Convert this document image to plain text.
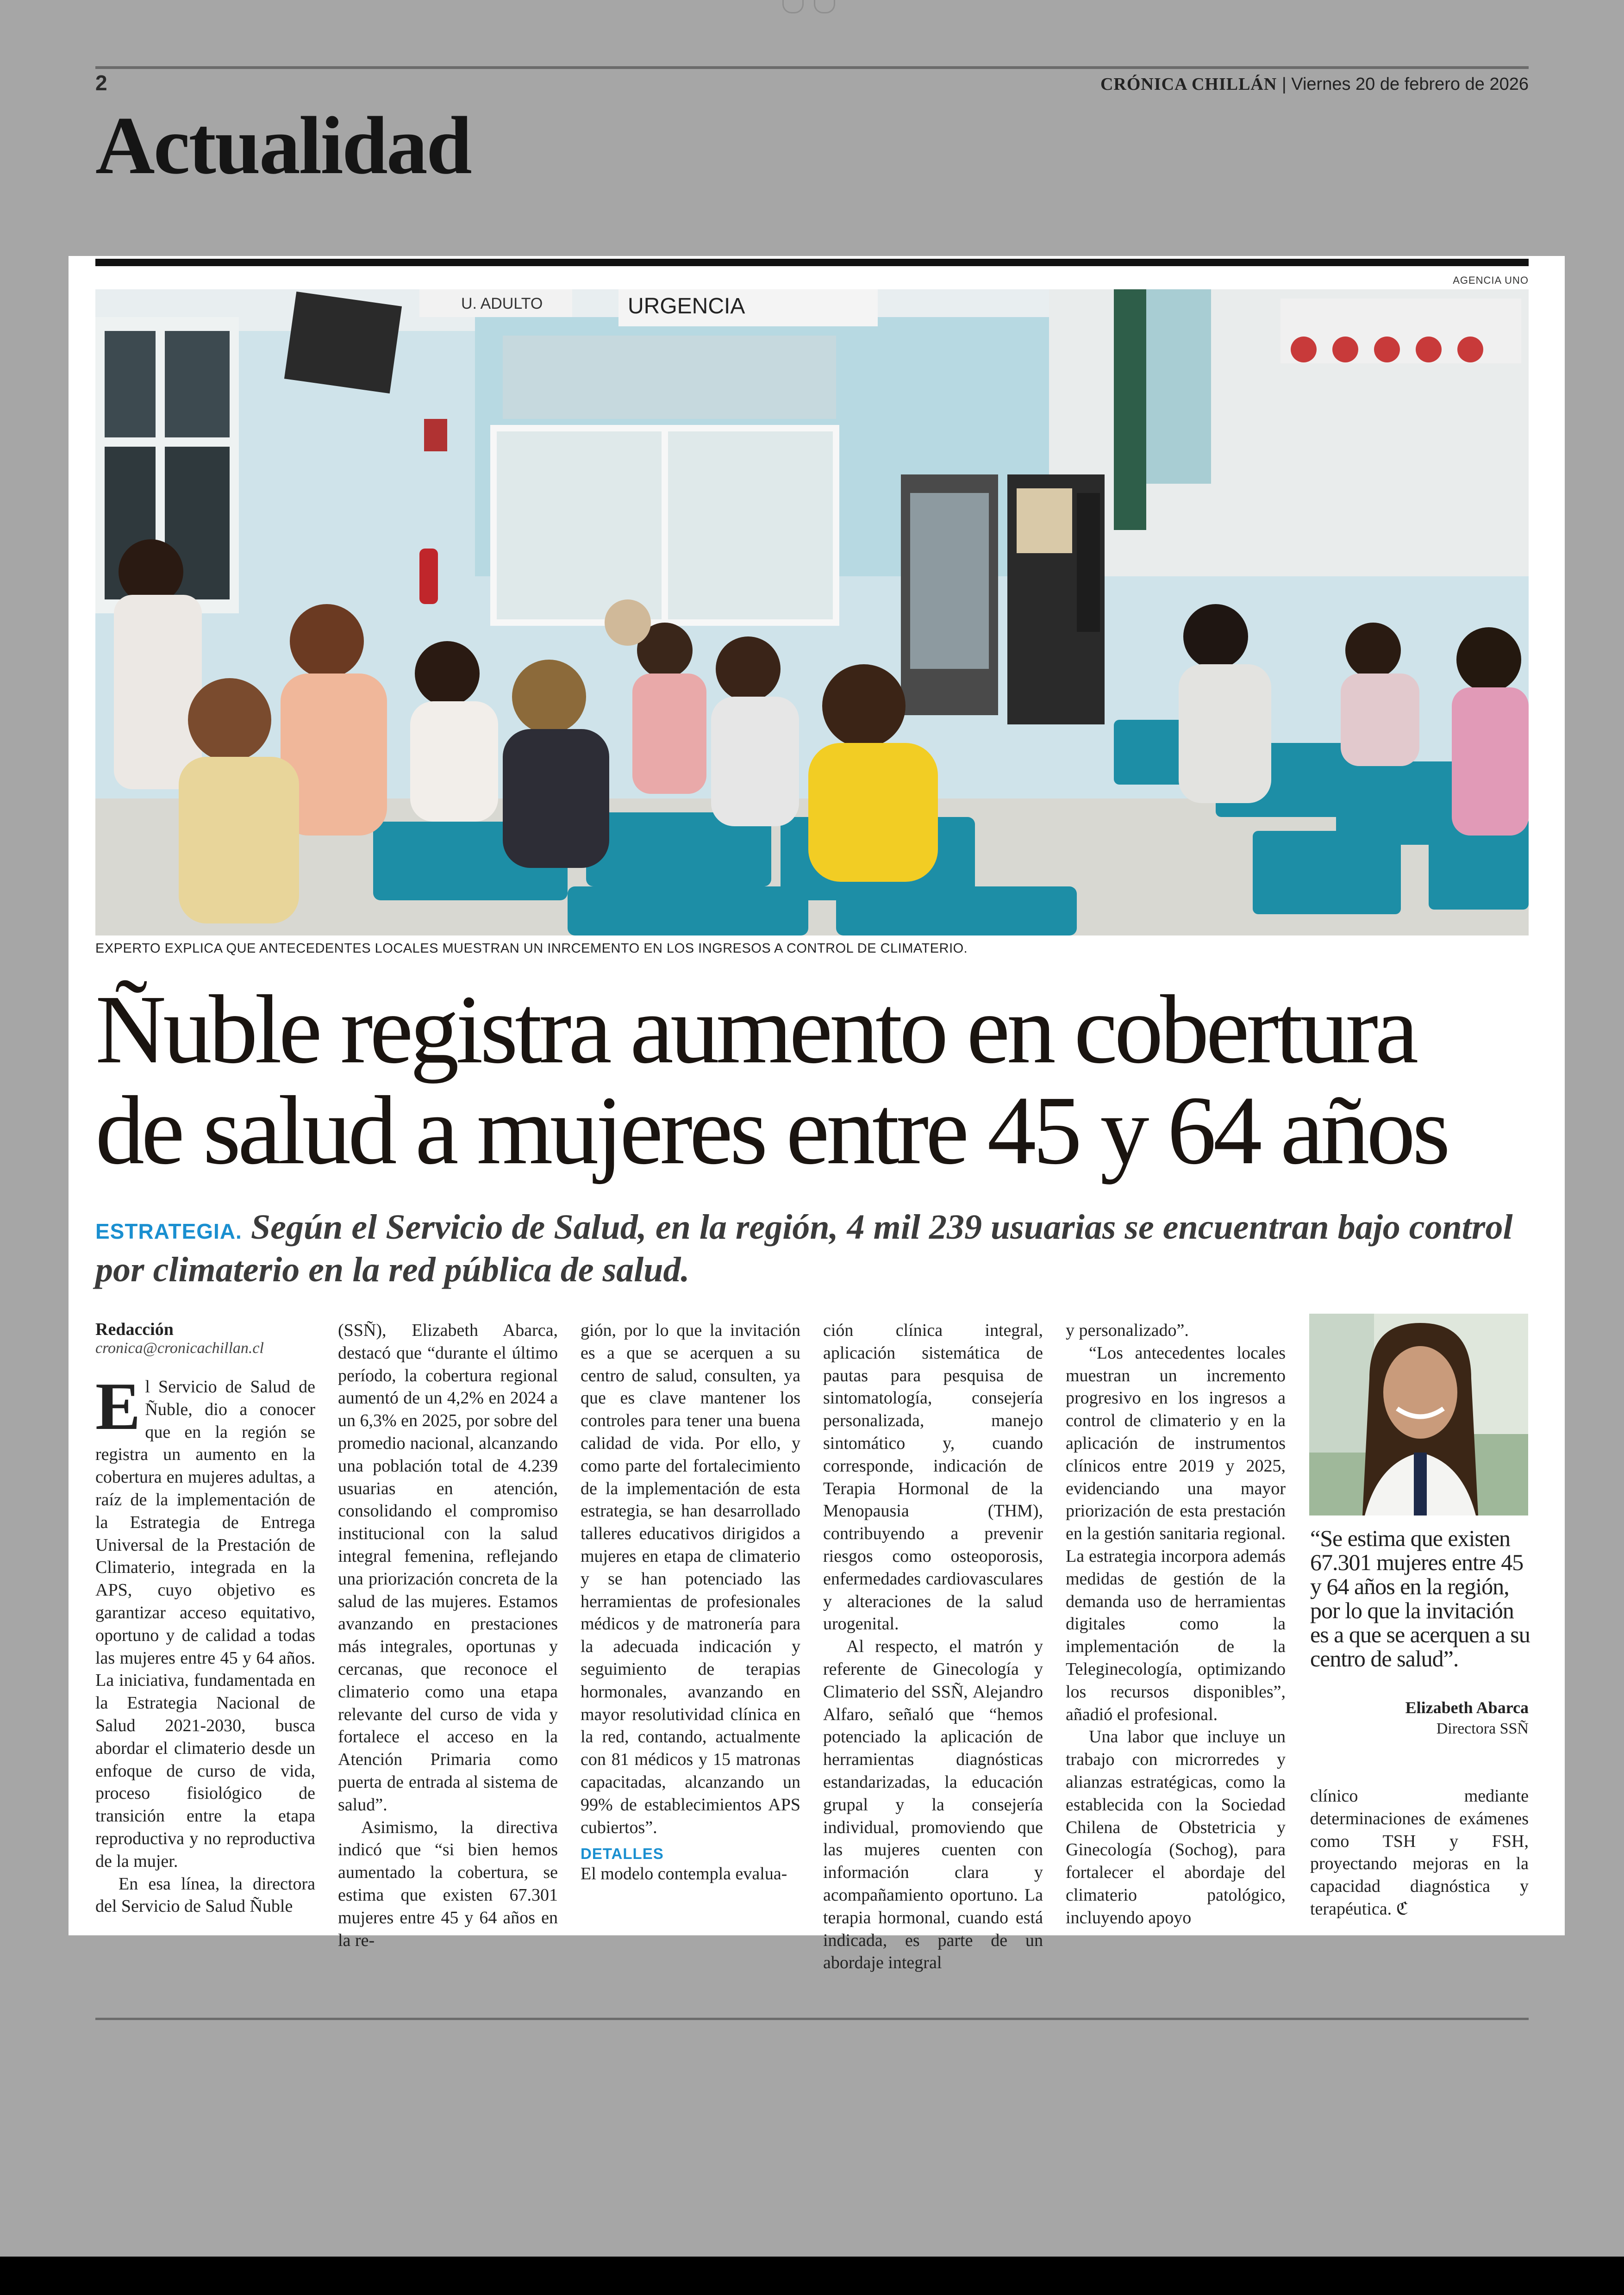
2	CRÓNICA CHILLÁN | Viernes 20 de febrero de 2026
Actualidad
AGENCIA UNO
U. ADULTO	URGENCIA
EXPERTO EXPLICA QUE ANTECEDENTES LOCALES MUESTRAN UN INRCEMENTO EN LOS INGRESOS A CONTROL DE CLIMATERIO.
Ñuble registra aumento en cobertura
de salud a mujeres entre 45 y 64 años
ESTRATEGIA. Según el Servicio de Salud, en la región, 4 mil 239 usuarias se encuentran bajo control por climaterio en la red pública de salud.
Redacción
cronica@cronicachillan.cl

El Servicio de Salud de Ñuble, dio a conocer que en la región se registra un aumento en la cobertura en mujeres adultas, a raíz de la implementación de la Estrategia de Entrega Universal de la Prestación de Climaterio, integrada en la APS, cuyo objetivo es garantizar acceso equitativo, oportuno y de calidad a todas las mujeres entre 45 y 64 años. La iniciativa, fundamentada en la Estrategia Nacional de Salud 2021-2030, busca abordar el climaterio desde un enfoque de curso de vida, proceso fisiológico de transición entre la etapa reproductiva y no reproductiva de la mujer.

En esa línea, la directora del Servicio de Salud Ñuble

(SSÑ), Elizabeth Abarca, destacó que “durante el último período, la cobertura regional aumentó de un 4,2% en 2024 a un 6,3% en 2025, por sobre del promedio nacional, alcanzando una población total de 4.239 usuarias en atención, consolidando el compromiso institucional con la salud integral femenina, reflejando una priorización concreta de la salud de las mujeres. Estamos avanzando en prestaciones más integrales, oportunas y cercanas, que reconoce el climaterio como una etapa relevante del curso de vida y fortalece el acceso en la Atención Primaria como puerta de entrada al sistema de salud”.

Asimismo, la directiva indicó que “si bien hemos aumentado la cobertura, se estima que existen 67.301 mujeres entre 45 y 64 años en la re-

gión, por lo que la invitación es a que se acerquen a su centro de salud, consulten, ya que es clave mantener los controles para tener una buena calidad de vida. Por ello, y como parte del fortalecimiento de la implementación de esta estrategia, se han desarrollado talleres educativos dirigidos a mujeres en etapa de climaterio y se han potenciado las herramientas de profesionales médicos y de matronería para la adecuada indicación y seguimiento de terapias hormonales, avanzando en mayor resolutividad clínica en la red, contando, actualmente con 81 médicos y 15 matronas capacitadas, alcanzando un 99% de establecimientos APS cubiertos”.

DETALLES

El modelo contempla evalua-

ción clínica integral, aplicación sistemática de pautas para pesquisa de sintomatología, consejería personalizada, manejo sintomático y, cuando corresponde, indicación de Terapia Hormonal de la Menopausia (THM), contribuyendo a prevenir riesgos como osteoporosis, enfermedades cardiovasculares y alteraciones de la salud urogenital.

Al respecto, el matrón y referente de Ginecología y Climaterio del SSÑ, Alejandro Alfaro, señaló que “hemos potenciado la aplicación de herramientas diagnósticas estandarizadas, la educación grupal y la consejería individual, promoviendo que las mujeres cuenten con información clara y acompañamiento oportuno. La terapia hormonal, cuando está indicada, es parte de un abordaje integral

y personalizado”.

“Los antecedentes locales muestran un incremento progresivo en los ingresos a control de climaterio y en la aplicación de instrumentos clínicos entre 2019 y 2025, evidenciando una mayor priorización de esta prestación en la gestión sanitaria regional. La estrategia incorpora además medidas de gestión de la demanda uso de herramientas digitales como la implementación de la Teleginecología, optimizando los recursos disponibles”, añadió el profesional.

Una labor que incluye un trabajo con microrredes y alianzas estratégicas, como la establecida con la Sociedad Chilena de Obstetricia y Ginecología (Sochog), para fortalecer el abordaje del climaterio patológico, incluyendo apoyo

“Se estima que existen 67.301 mujeres entre 45 y 64 años en la región, por lo que la invitación es a que se acerquen a su centro de salud”.
Elizabeth Abarca
Directora SSÑ

clínico mediante determinaciones de exámenes como TSH y FSH, proyectando mejoras en la capacidad diagnóstica y terapéutica. ℭ
